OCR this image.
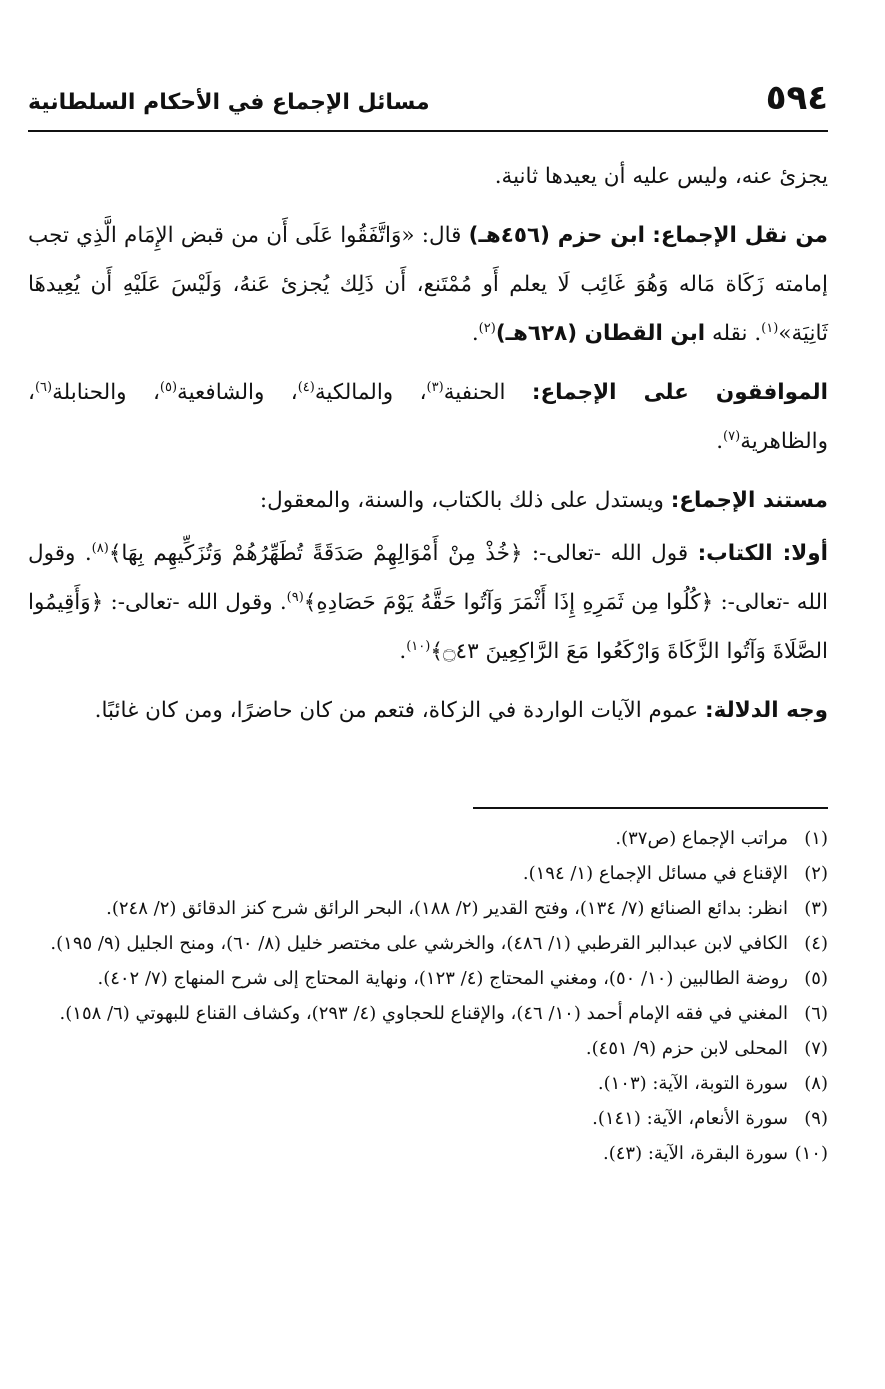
٥٩٤
مسائل الإجماع في الأحكام السلطانية

يجزئ عنه، وليس عليه أن يعيدها ثانية.

من نقل الإجماع: ابن حزم (٤٥٦هـ) قال: «وَاتَّفَقُوا عَلَى أَن من قبض الإِمَام الَّذِي تجب إمامته زَكَاة مَاله وَهُوَ غَائِب لَا يعلم أَو مُمْتَنع، أَن ذَلِك يُجزئ عَنهُ، وَلَيْسَ عَلَيْهِ أَن يُعِيدهَا ثَانِيَة»$^{(١)}$. نقله ابن القطان (٦٢٨هـ)$^{(٢)}$.

الموافقون على الإجماع: الحنفية$^{(٣)}$، والمالكية$^{(٤)}$، والشافعية$^{(٥)}$، والحنابلة$^{(٦)}$، والظاهرية$^{(٧)}$.

مستند الإجماع: ويستدل على ذلك بالكتاب، والسنة، والمعقول:

أولا: الكتاب: قول الله -تعالى-: ﴿خُذْ مِنْ أَمْوَالِهِمْ صَدَقَةً تُطَهِّرُهُمْ وَتُزَكِّيهِم بِهَا﴾$^{(٨)}$. وقول الله -تعالى-: ﴿كُلُوا مِن ثَمَرِهِ إِذَا أَثْمَرَ وَآتُوا حَقَّهُ يَوْمَ حَصَادِهِ﴾$^{(٩)}$. وقول الله -تعالى-: ﴿وَأَقِيمُوا الصَّلَاةَ وَآتُوا الزَّكَاةَ وَارْكَعُوا مَعَ الرَّاكِعِينَ ۝٤٣﴾$^{(١٠)}$.

وجه الدلالة: عموم الآيات الواردة في الزكاة، فتعم من كان حاضرًا، ومن كان غائبًا.

(١)
مراتب الإجماع (ص٣٧).
(٢)
الإقناع في مسائل الإجماع (١/ ١٩٤).
(٣)
انظر: بدائع الصنائع (٧/ ١٣٤)، وفتح القدير (٢/ ١٨٨)، البحر الرائق شرح كنز الدقائق (٢/ ٢٤٨).
(٤)
الكافي لابن عبدالبر القرطبي (١/ ٤٨٦)، والخرشي على مختصر خليل (٨/ ٦٠)، ومنح الجليل (٩/ ١٩٥).
(٥)
روضة الطالبين (١٠/ ٥٠)، ومغني المحتاج (٤/ ١٢٣)، ونهاية المحتاج إلى شرح المنهاج (٧/ ٤٠٢).
(٦)
المغني في فقه الإمام أحمد (١٠/ ٤٦)، والإقناع للحجاوي (٤/ ٢٩٣)، وكشاف القناع للبهوتي (٦/ ١٥٨).
(٧)
المحلى لابن حزم (٩/ ٤٥١).
(٨)
سورة التوبة، الآية: (١٠٣).
(٩)
سورة الأنعام، الآية: (١٤١).
(١٠)
سورة البقرة، الآية: (٤٣).
